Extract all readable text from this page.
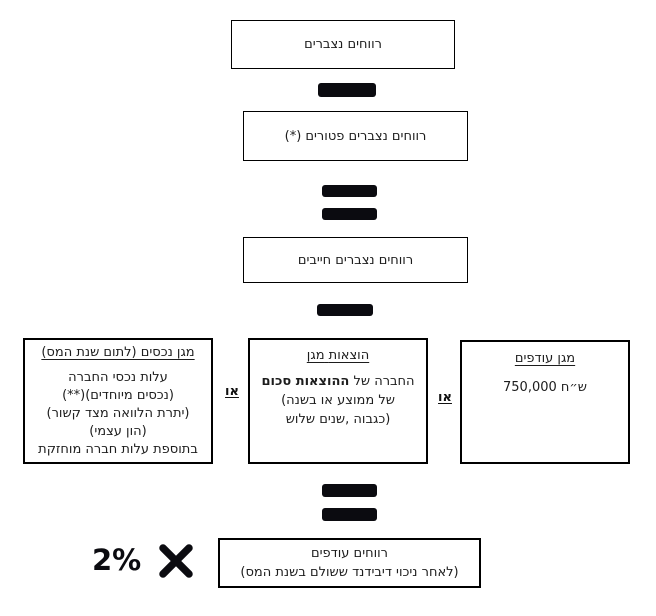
רווחים נצברים
רווחים נצברים פטורים (*)
רווחים נצברים חייבים
מגן נכסים (לתום שנת המס)
עלות נכסי החברה
(נכסים מיוחדים)(**)
(יתרת הלוואה מצד קשור)
(הון עצמי)
בתוספת עלות חברה מוחזקת
או
מגן הוצאות
סכום ההוצאות של החברה
(בשנה או ממוצע של
שלוש שנים, כגבוה)
או
מגן עודפים
750,000 ש״ח
2%	רווחים עודפים
(לאחר ניכוי דיבידנד ששולם בשנת המס)
